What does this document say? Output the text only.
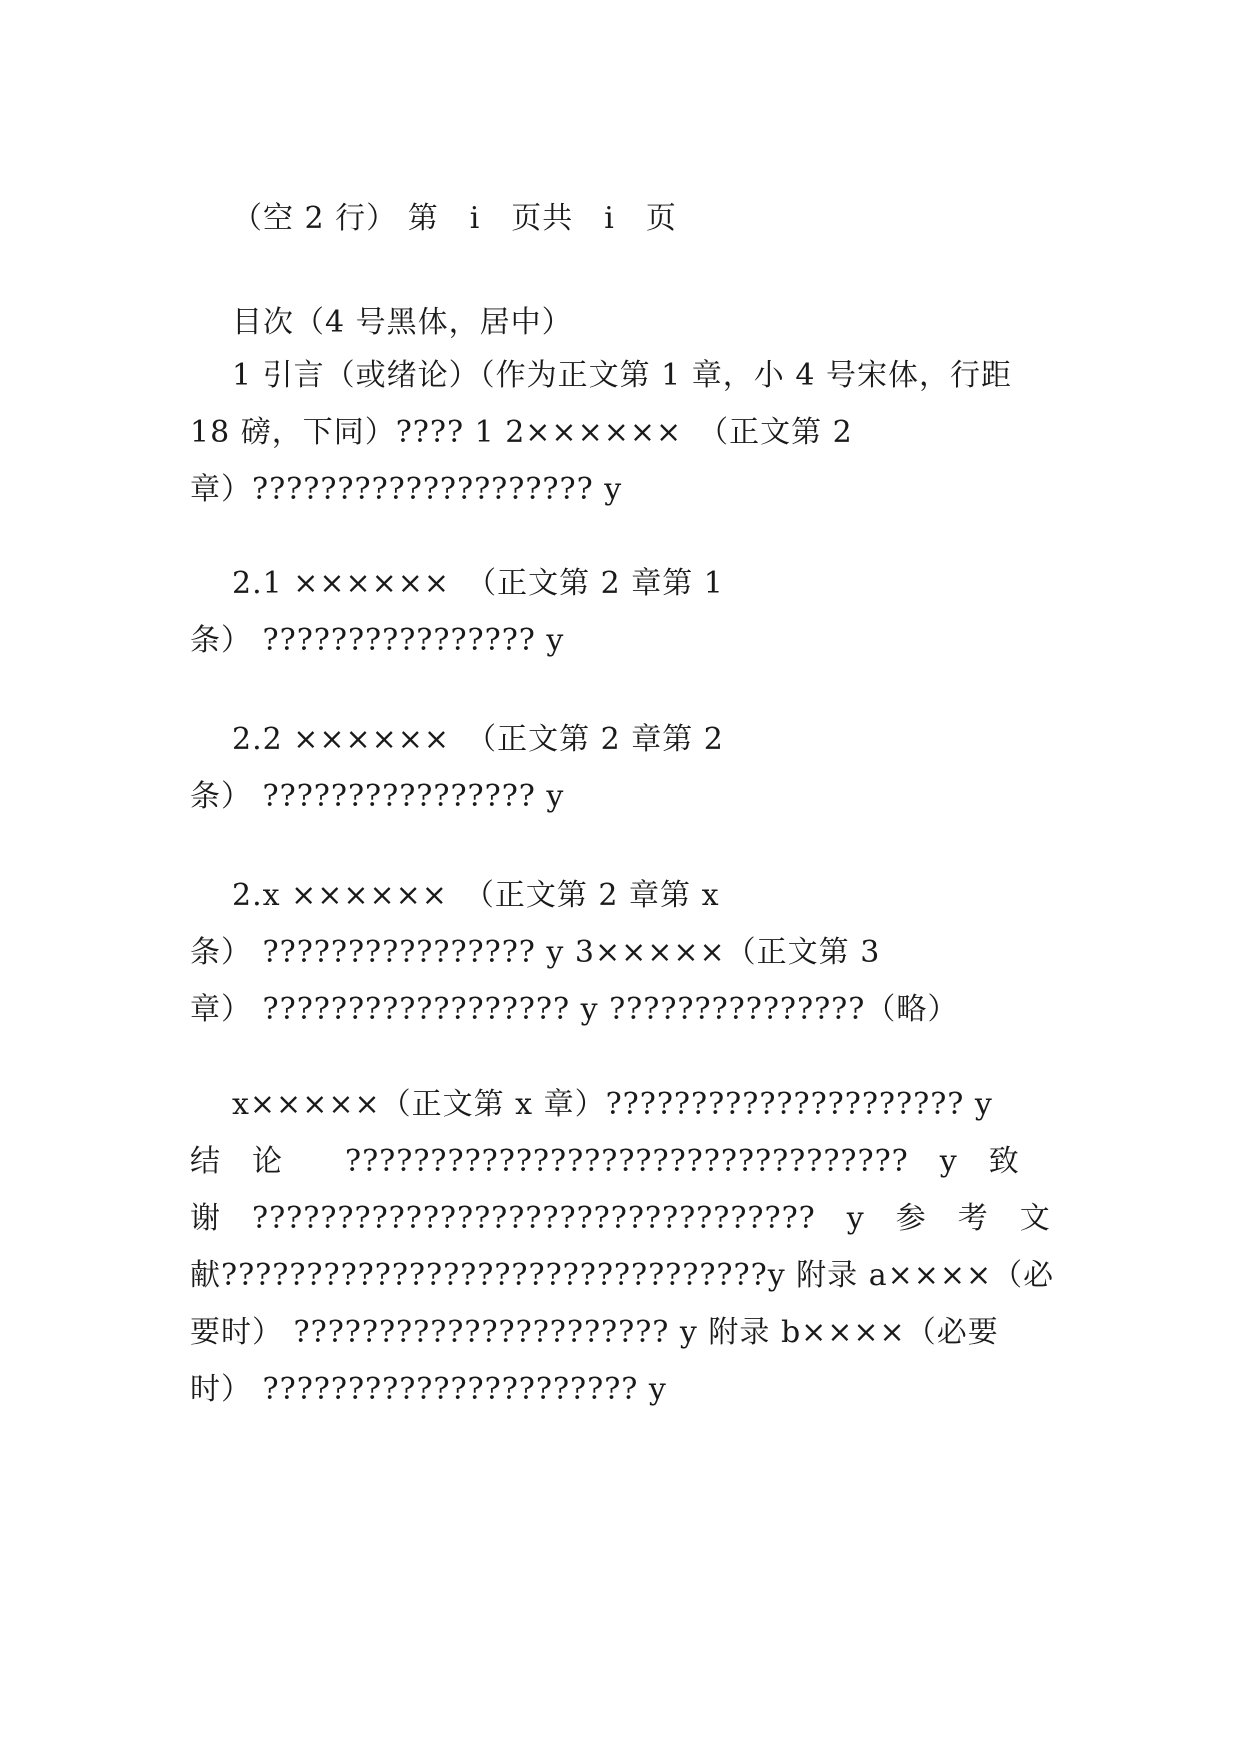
（空 2 行） 第　i　页共　i　页
目次（4 号黑体，居中）
1 引言（或绪论）（作为正文第 1 章，小 4 号宋体，行距
18 磅，下同）???? 1 2××××××　（正文第 2
章）???????????????????? y
2.1 ××××××　（正文第 2 章第 1
条） ???????????????? y
2.2 ××××××　（正文第 2 章第 2
条） ???????????????? y
2.x ××××××　（正文第 2 章第 x
条） ???????????????? y 3×××××（正文第 3
章） ?????????????????? y ???????????????（略）
x×××××（正文第 x 章）????????????????????? y
结　论　　?????????????????????????????????　y　致
谢　?????????????????????????????????　y　参　考　文
献????????????????????????????????y 附录 a××××（必
要时） ?????????????????????? y 附录 b××××（必要
时） ?????????????????????? y
